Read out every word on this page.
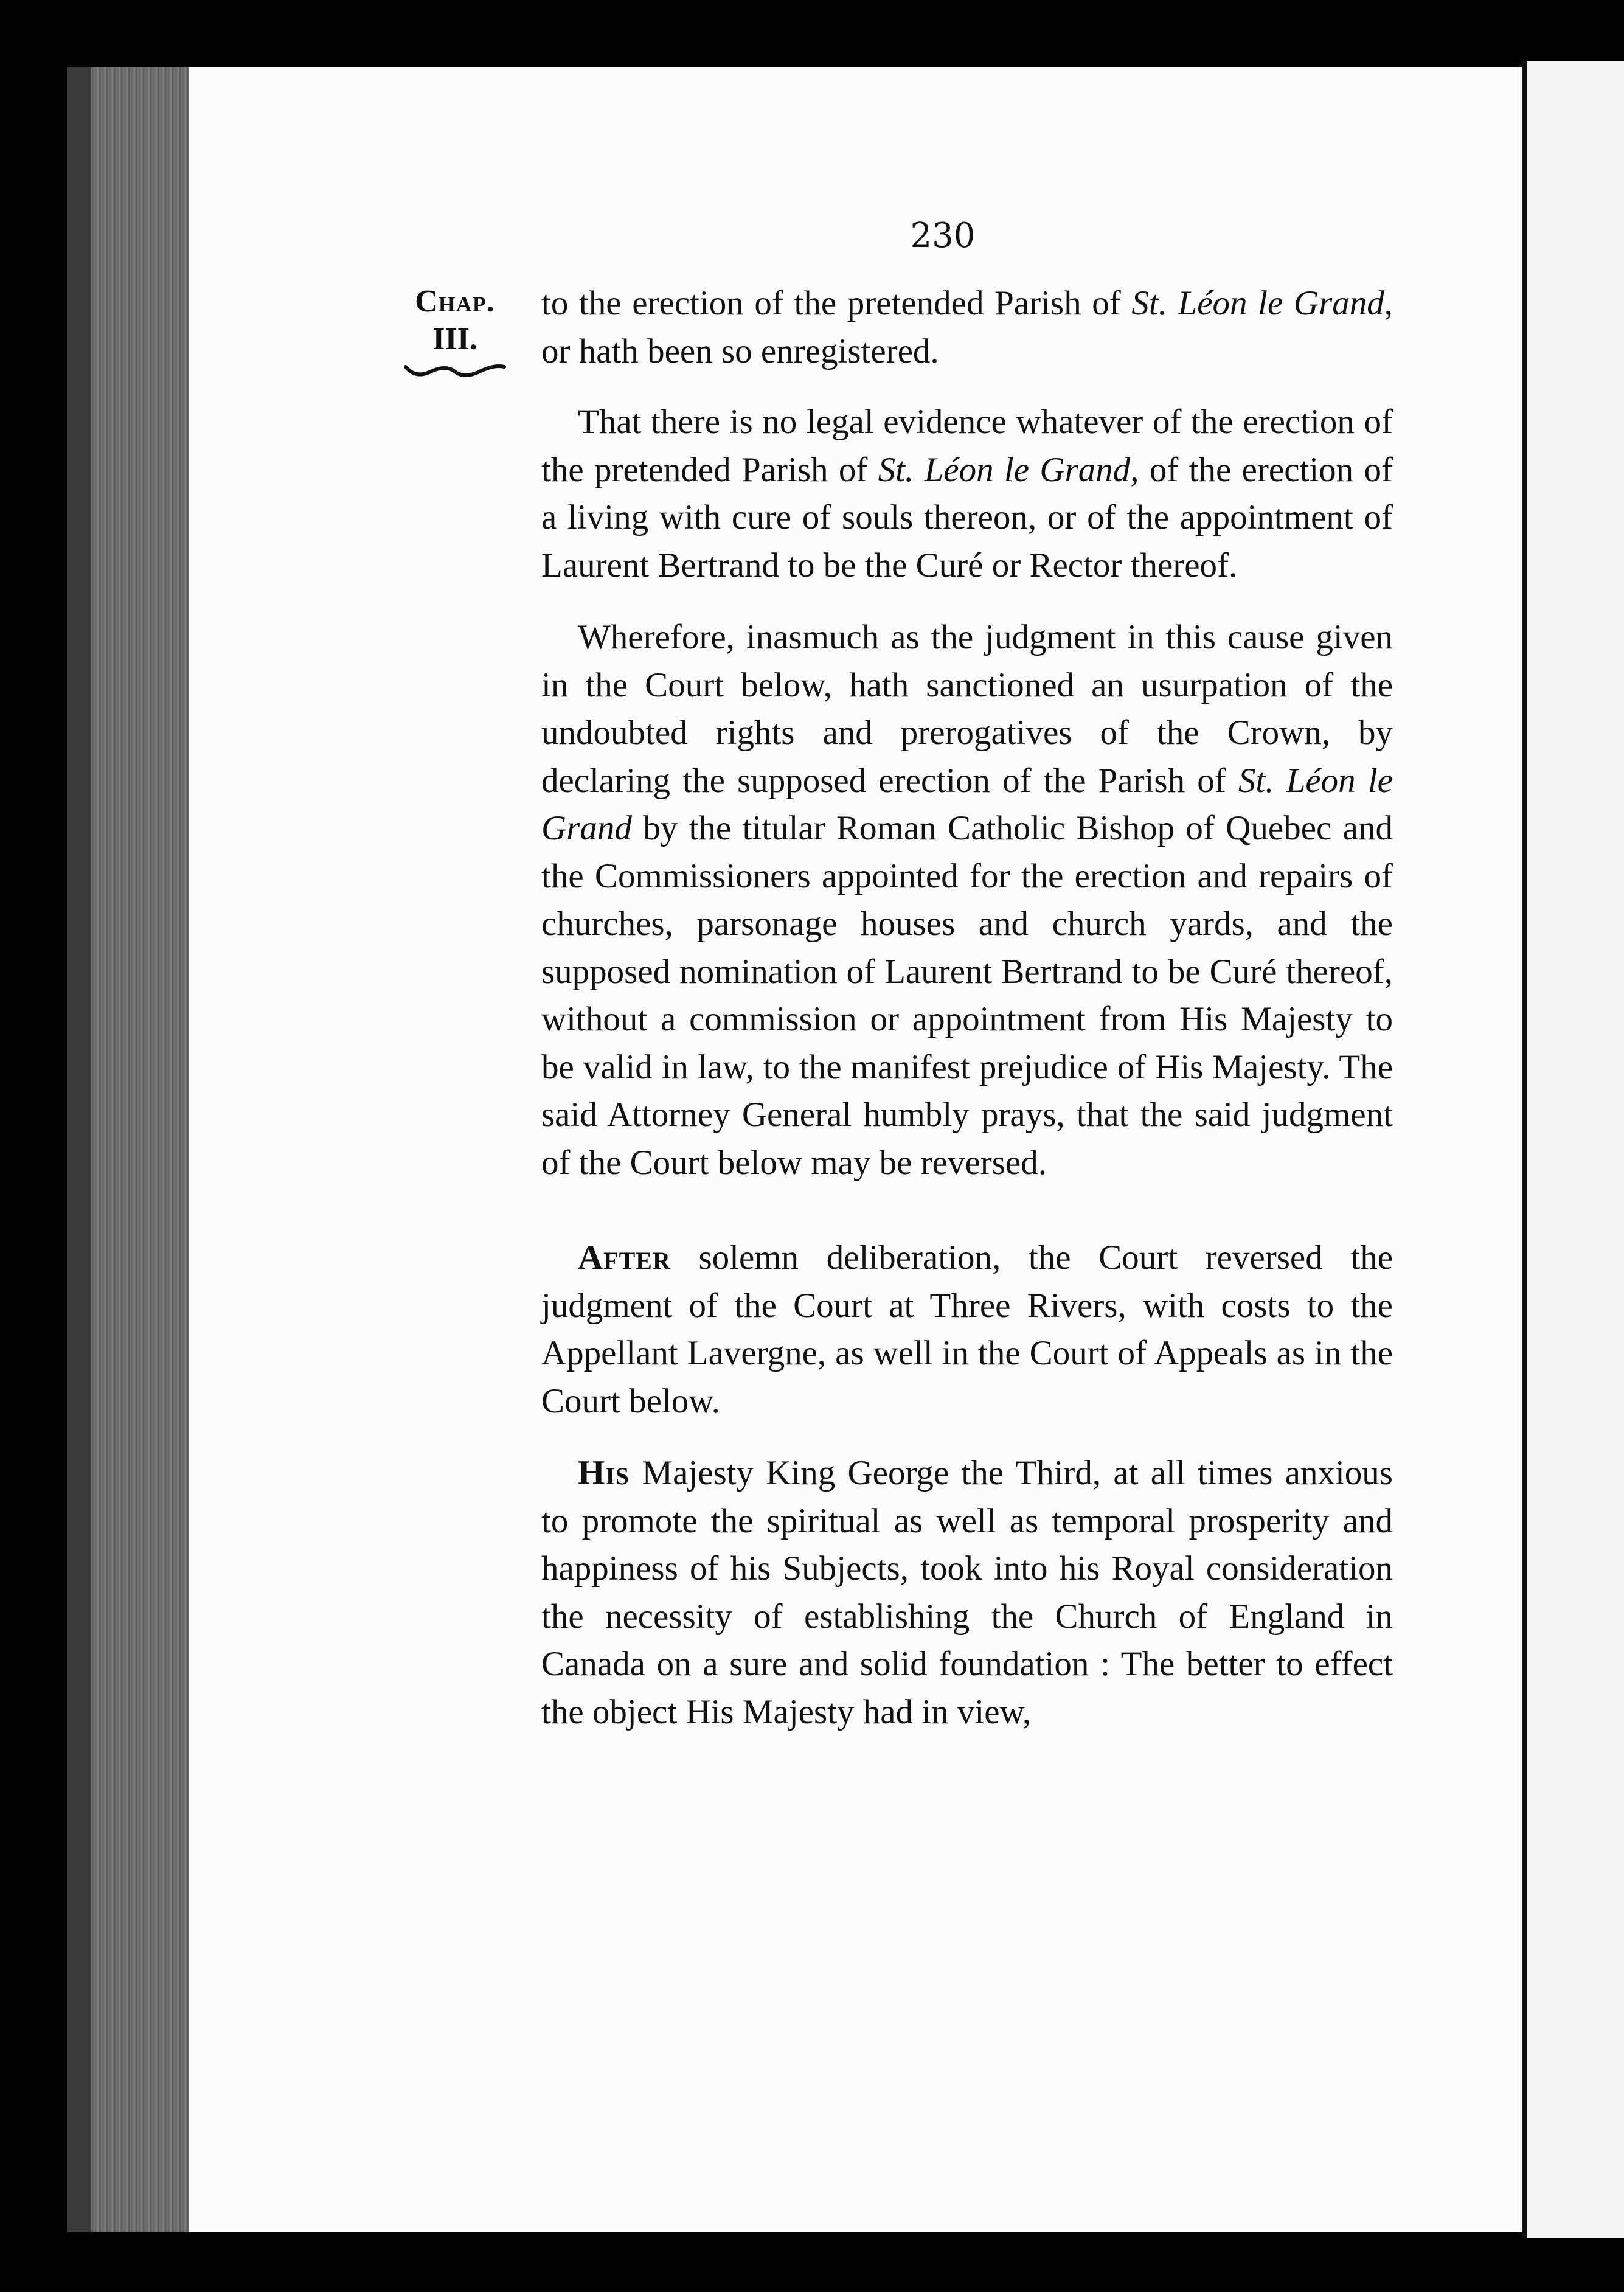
230
Chap.
III.

to the erection of the pretended Parish of St. Léon le Grand, or hath been so enregistered.

That there is no legal evidence whatever of the erection of the pretended Parish of St. Léon le Grand, of the erection of a living with cure of souls thereon, or of the appointment of Laurent Bertrand to be the Curé or Rector thereof.

Wherefore, inasmuch as the judgment in this cause given in the Court below, hath sanctioned an usurpation of the undoubted rights and prerogatives of the Crown, by declaring the supposed erection of the Parish of St. Léon le Grand by the titular Roman Catholic Bishop of Quebec and the Commissioners appointed for the erection and repairs of churches, parsonage houses and church yards, and the supposed nomination of Laurent Bertrand to be Curé thereof, without a commission or appointment from His Majesty to be valid in law, to the manifest prejudice of His Majesty. The said Attorney General humbly prays, that the said judgment of the Court below may be reversed.

After solemn deliberation, the Court reversed the judgment of the Court at Three Rivers, with costs to the Appellant Lavergne, as well in the Court of Appeals as in the Court below.

His Majesty King George the Third, at all times anxious to promote the spiritual as well as temporal prosperity and happiness of his Subjects, took into his Royal consideration the necessity of establishing the Church of England in Canada on a sure and solid foundation : The better to effect the object His Majesty had in view,
